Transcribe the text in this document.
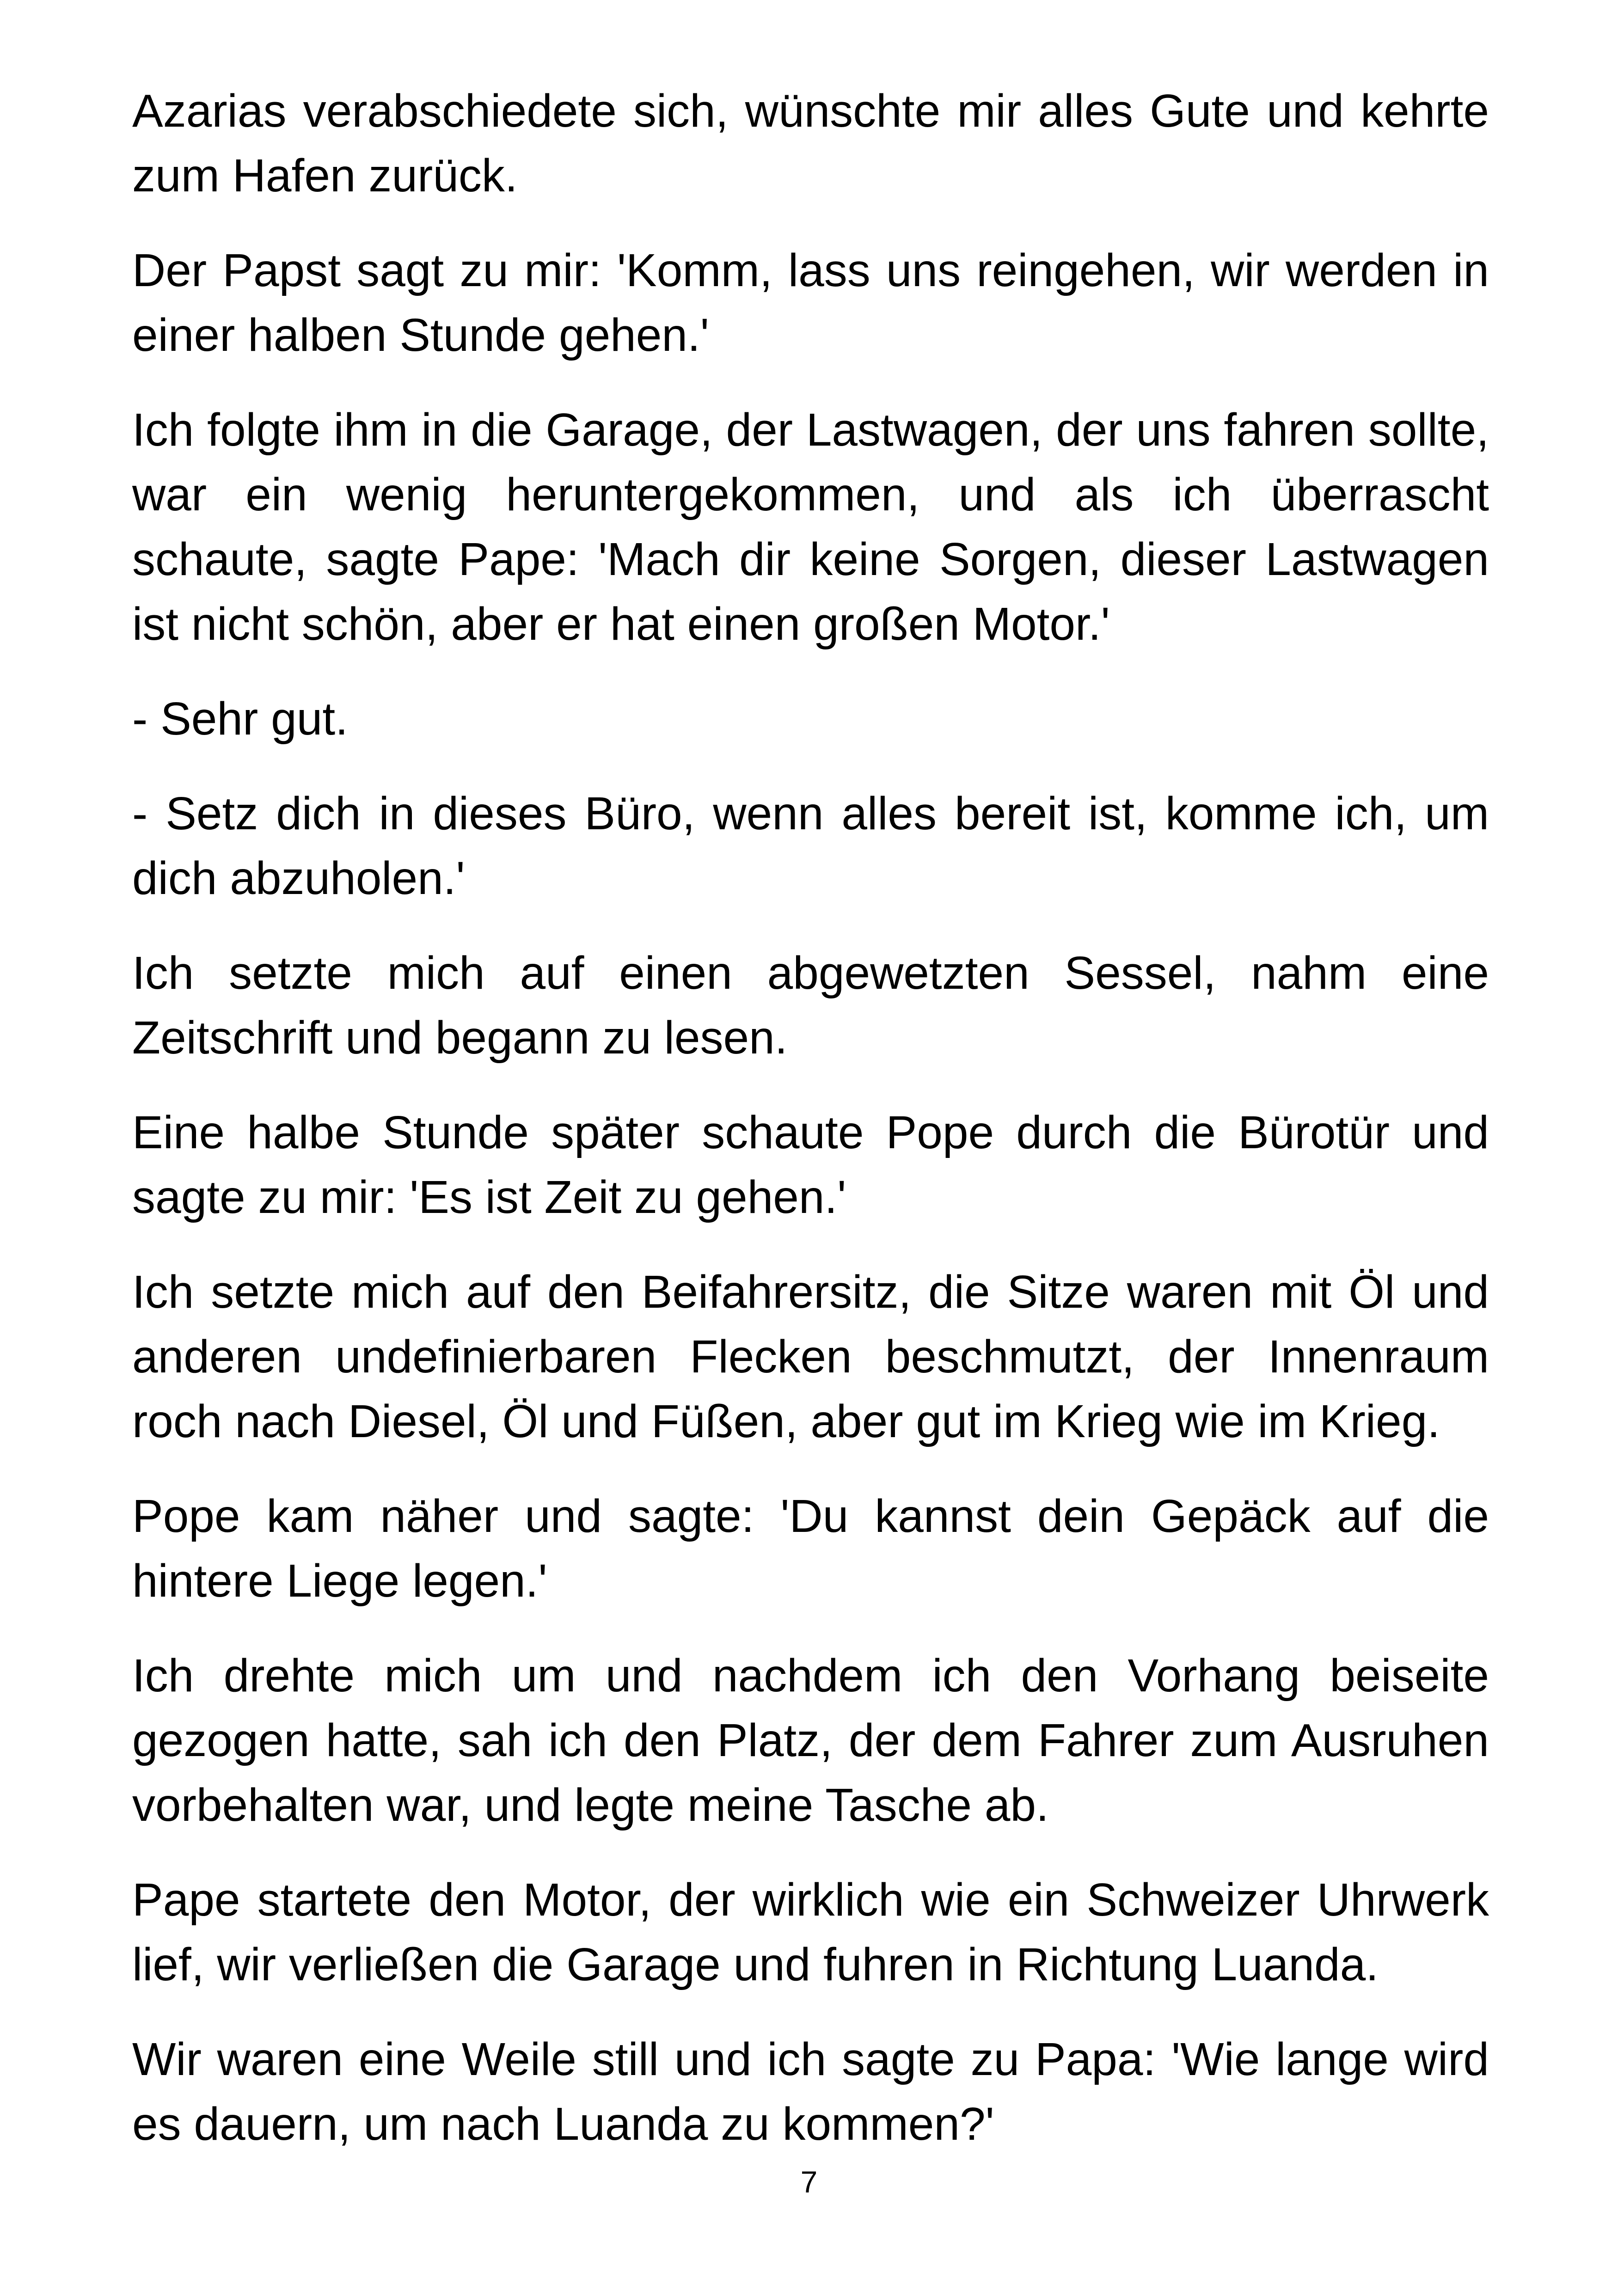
Azarias verabschiedete sich, wünschte mir alles Gute und kehrte zum Hafen zurück.

Der Papst sagt zu mir: 'Komm, lass uns reingehen, wir werden in einer halben Stunde gehen.'

Ich folgte ihm in die Garage, der Lastwagen, der uns fahren sollte, war ein wenig heruntergekommen, und als ich überrascht schaute, sagte Pape: 'Mach dir keine Sorgen, dieser Lastwagen ist nicht schön, aber er hat einen großen Motor.'

- Sehr gut.

- Setz dich in dieses Büro, wenn alles bereit ist, komme ich, um dich abzuholen.'

Ich setzte mich auf einen abgewetzten Sessel, nahm eine Zeitschrift und begann zu lesen.

Eine halbe Stunde später schaute Pope durch die Bürotür und sagte zu mir: 'Es ist Zeit zu gehen.'

Ich setzte mich auf den Beifahrersitz, die Sitze waren mit Öl und anderen undefinierbaren Flecken beschmutzt, der Innenraum roch nach Diesel, Öl und Füßen, aber gut im Krieg wie im Krieg.

Pope kam näher und sagte: 'Du kannst dein Gepäck auf die hintere Liege legen.'

Ich drehte mich um und nachdem ich den Vorhang beiseite gezogen hatte, sah ich den Platz, der dem Fahrer zum Ausruhen vorbehalten war, und legte meine Tasche ab.

Pape startete den Motor, der wirklich wie ein Schweizer Uhrwerk lief, wir verließen die Garage und fuhren in Richtung Luanda.

Wir waren eine Weile still und ich sagte zu Papa: 'Wie lange wird es dauern, um nach Luanda zu kommen?'

7
